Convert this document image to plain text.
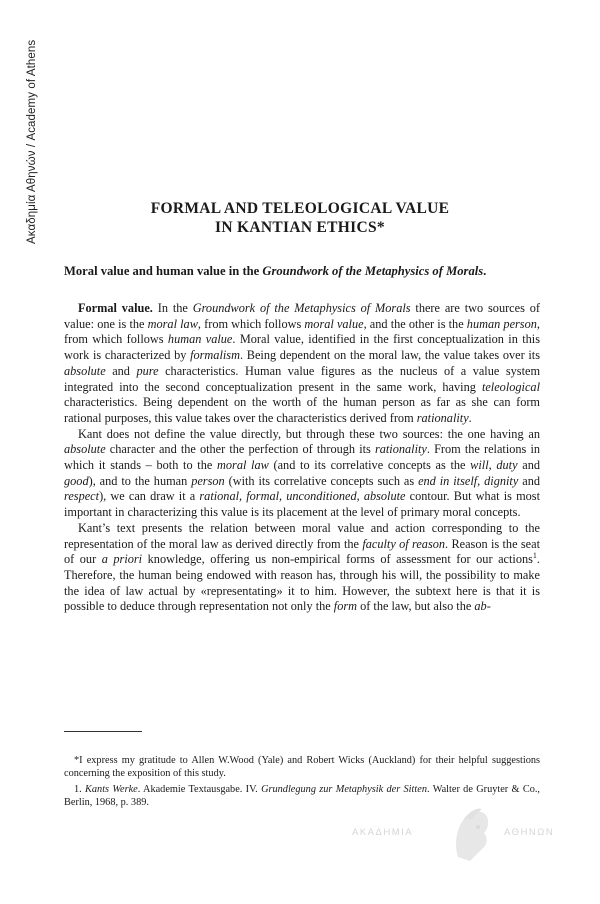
Ακαδημία Αθηνών / Academy of Athens	FORMAL AND TELEOLOGICAL VALUE
IN KANTIAN ETHICS*
Moral value and human value in the Groundwork of the Metaphysics of Morals.

Formal value. In the Groundwork of the Metaphysics of Morals there are two sources of value: one is the moral law, from which follows moral value, and the other is the human person, from which follows human value. Moral value, identified in the first conceptualization in this work is characterized by formalism. Being dependent on the moral law, the value takes over its absolute and pure characteristics. Human value figures as the nucleus of a value system integrated into the second conceptualization present in the same work, having teleological characteristics. Being dependent on the worth of the human person as far as she can form rational purposes, this value takes over the characteristics derived from rationality.

Kant does not define the value directly, but through these two sources: the one having an absolute character and the other the perfection of through its rationality. From the relations in which it stands – both to the moral law (and to its correlative concepts as the will, duty and good), and to the human person (with its correlative concepts such as end in itself, dignity and respect), we can draw it a rational, formal, unconditioned, absolute contour. But what is most important in characterizing this value is its placement at the level of primary moral concepts.

Kant’s text presents the relation between moral value and action corresponding to the representation of the moral law as derived directly from the faculty of reason. Reason is the seat of our a priori knowledge, offering us non-empirical forms of assessment for our actions$^1$. Therefore, the human being endowed with reason has, through his will, the possibility to make the idea of law actual by «representating» it to him. However, the subtext here is that it is possible to deduce through representation not only the form of the law, but also the ab-

*I express my gratitude to Allen W.Wood (Yale) and Robert Wicks (Auckland) for their helpful suggestions concerning the exposition of this study.

1. Kants Werke. Akademie Textausgabe. IV. Grundlegung zur Metaphysik der Sitten. Walter de Gruyter & Co., Berlin, 1968, p. 389.

ΑΚΑΔΗΜΙΑ	ΑΘΗΝΩΝ
